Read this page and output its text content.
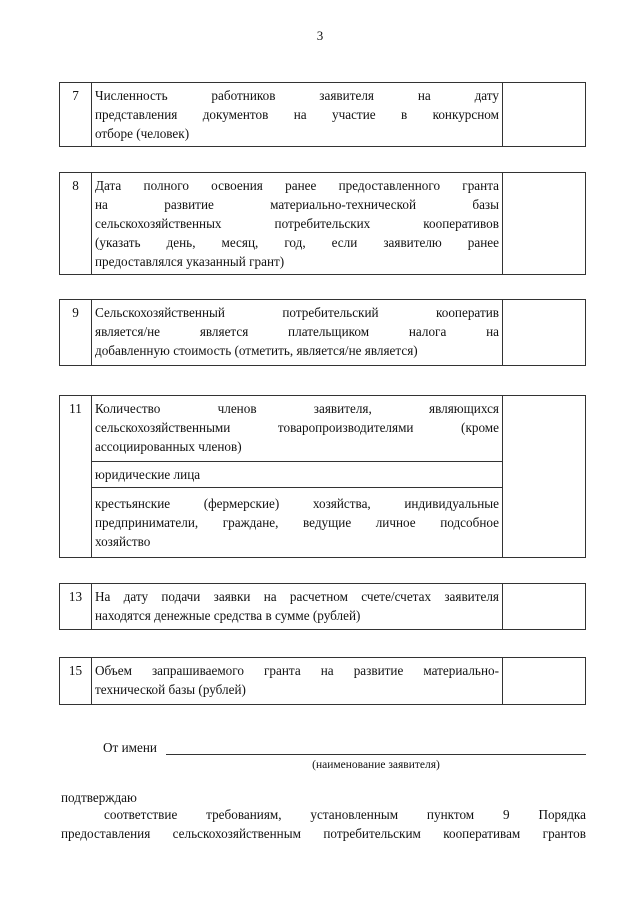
3
7	Численность работников заявителя на дату
представления документов на участие в конкурсном
отборе (человек)

8	Дата полного освоения ранее предоставленного гранта
на развитие материально-технической базы
сельскохозяйственных потребительских кооперативов
(указать день, месяц, год, если заявителю ранее
предоставлялся указанный грант)

9	Сельскохозяйственный потребительский кооператив
является/не является плательщиком налога на
добавленную стоимость (отметить, является/не является)

11	Количество членов заявителя, являющихся
сельскохозяйственными товаропроизводителями (кроме
ассоциированных членов)
юридические лица
крестьянские (фермерские) хозяйства, индивидуальные
предприниматели, граждане, ведущие личное подсобное
хозяйство

13	На дату подачи заявки на расчетном счете/счетах заявителя
находятся денежные средства в сумме (рублей)

15	Объем запрашиваемого гранта на развитие материально-
технической базы (рублей)

От имени
(наименование заявителя)
подтверждаю
соответствие требованиям, установленным пунктом 9 Порядка
предоставления сельскохозяйственным потребительским кооперативам грантов
